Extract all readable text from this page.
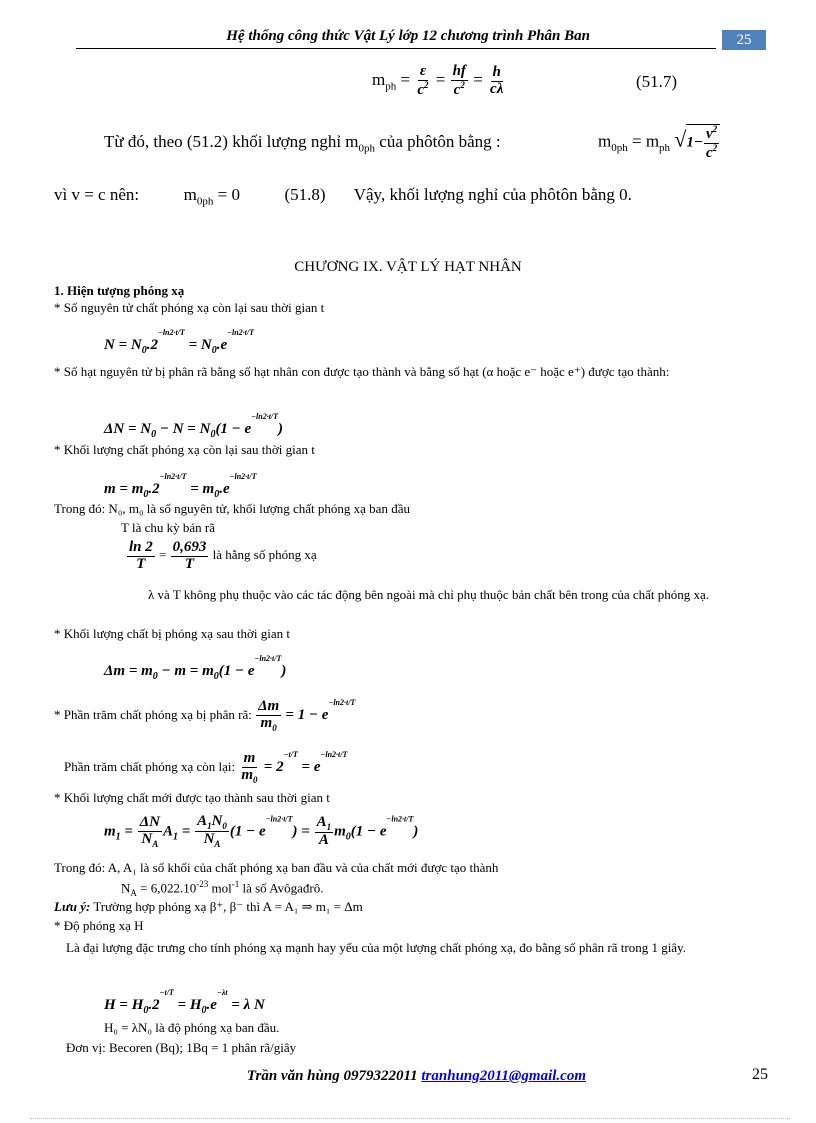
Hệ thống công thức Vật Lý lớp 12 chương trình Phân Ban	25
$m_{ph} = \frac{\varepsilon}{c^2} = \frac{hf}{c^2} = \frac{h}{c\lambda}$	(51.7)
Từ đó, theo (51.2) khối lượng nghỉ $m_{0ph}$ của phôtôn bằng :	$m_{0ph} = m_{ph}$ $√1- \frac{v^2}{c^2}$
vì v = c nên:	$m_{0ph} = 0$	(51.8) Vậy, khối lượng nghỉ của phôtôn bằng 0.
CHƯƠNG IX. VẬT LÝ HẠT NHÂN
1. Hiện tượng phóng xạ
* Số nguyên tử chất phóng xạ còn lại sau thời gian t
$N = N_0.2^{-ln2\cdot t/T} = N_0.e^{-ln2\cdot t/T}$
* Số hạt nguyên tử bị phân rã bằng số hạt nhân con được tạo thành và bằng số hạt (α hoặc e⁻ hoặc e⁺) được tạo thành:
$\Delta N = N_0 - N = N_0(1 - e^{-ln2\cdot t/T})$
* Khối lượng chất phóng xạ còn lại sau thời gian t
$m = m_0.2^{-ln2\cdot t/T} = m_0.e^{-ln2\cdot t/T}$
Trong đó: N₀, m₀ là số nguyên tử, khối lượng chất phóng xạ ban đầu
T là chu kỳ bán rã
$\frac{\ln 2}{T} = \frac{0,693}{T}$ là hằng số phóng xạ
λ và T không phụ thuộc vào các tác động bên ngoài mà chỉ phụ thuộc bản chất bên trong của chất phóng xạ.
* Khối lượng chất bị phóng xạ sau thời gian t
$\Delta m = m_0 - m = m_0(1 - e^{-ln2\cdot t/T})$
* Phần trăm chất phóng xạ bị phân rã: $\frac{\Delta m}{m_0} = 1 - e^{-ln2\cdot t/T}$
Phần trăm chất phóng xạ còn lại: $\frac{m}{m_0} = 2^{-t/T} = e^{-ln2\cdot t/T}$
* Khối lượng chất mới được tạo thành sau thời gian t
$m_1 = \frac{\Delta N}{N_A} A_1 = \frac{A_1N_0}{N_A} (1 - e^{-ln2\cdot t/T}) = \frac{A_1}{A} m_0(1 - e^{-ln2\cdot t/T})$
Trong đó: A, A₁ là số khối của chất phóng xạ ban đầu và của chất mới được tạo thành
$N_A = 6,022.10^{-23}$ mol$^{-1}$ là số Avôgađrô.
Lưu ý: Trường hợp phóng xạ β⁺, β⁻ thì A = A₁ ⇒ m₁ = Δm
* Độ phóng xạ H
Là đại lượng đặc trưng cho tính phóng xạ mạnh hay yếu của một lượng chất phóng xạ, đo bằng số phân rã trong 1 giây.
$H = H_0.2^{-t/T} = H_0.e^{-\lambda t} = \lambda$ N
H₀ = λN₀ là độ phóng xạ ban đầu.
Đơn vị: Becoren (Bq); 1Bq = 1 phân rã/giây
Trần văn hùng 0979322011 tranhung2011@gmail.com	25
